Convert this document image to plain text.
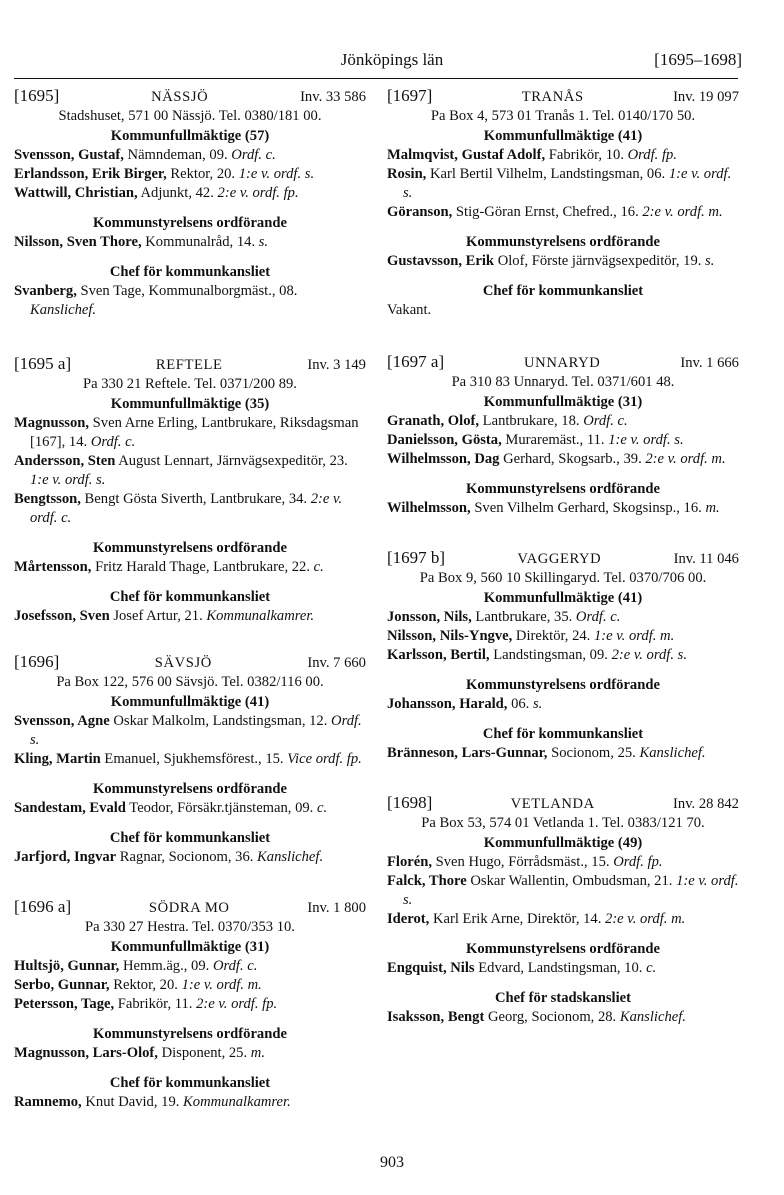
Jönköpings län	[1695–1698]
[1695]	NÄSSJÖ	Inv. 33 586
Stadshuset, 571 00 Nässjö. Tel. 0380/181 00.
Kommunfullmäktige (57)
Svensson, Gustaf, Nämndeman, 09. Ordf. c.
Erlandsson, Erik Birger, Rektor, 20. 1:e v. ordf. s.
Wattwill, Christian, Adjunkt, 42. 2:e v. ordf. fp.
Kommunstyrelsens ordförande
Nilsson, Sven Thore, Kommunalråd, 14. s.
Chef för kommunkansliet
Svanberg, Sven Tage, Kommunalborgmäst., 08. Kanslichef.
[1695 a]	REFTELE	Inv. 3 149
Pa 330 21 Reftele. Tel. 0371/200 89.
Kommunfullmäktige (35)
Magnusson, Sven Arne Erling, Lantbrukare, Riksdagsman [167], 14. Ordf. c.
Andersson, Sten August Lennart, Järnvägsexpeditör, 23. 1:e v. ordf. s.
Bengtsson, Bengt Gösta Siverth, Lantbrukare, 34. 2:e v. ordf. c.
Kommunstyrelsens ordförande
Mårtensson, Fritz Harald Thage, Lantbrukare, 22. c.
Chef för kommunkansliet
Josefsson, Sven Josef Artur, 21. Kommunalkamrer.
[1696]	SÄVSJÖ	Inv. 7 660
Pa Box 122, 576 00 Sävsjö. Tel. 0382/116 00.
Kommunfullmäktige (41)
Svensson, Agne Oskar Malkolm, Landstingsman, 12. Ordf. s.
Kling, Martin Emanuel, Sjukhemsförest., 15. Vice ordf. fp.
Kommunstyrelsens ordförande
Sandestam, Evald Teodor, Försäkr.tjänsteman, 09. c.
Chef för kommunkansliet
Jarfjord, Ingvar Ragnar, Socionom, 36. Kanslichef.
[1696 a]	SÖDRA MO	Inv. 1 800
Pa 330 27 Hestra. Tel. 0370/353 10.
Kommunfullmäktige (31)
Hultsjö, Gunnar, Hemm.äg., 09. Ordf. c.
Serbo, Gunnar, Rektor, 20. 1:e v. ordf. m.
Petersson, Tage, Fabrikör, 11. 2:e v. ordf. fp.
Kommunstyrelsens ordförande
Magnusson, Lars-Olof, Disponent, 25. m.
Chef för kommunkansliet
Ramnemo, Knut David, 19. Kommunalkamrer.
[1697]	TRANÅS	Inv. 19 097
Pa Box 4, 573 01 Tranås 1. Tel. 0140/170 50.
Kommunfullmäktige (41)
Malmqvist, Gustaf Adolf, Fabrikör, 10. Ordf. fp.
Rosin, Karl Bertil Vilhelm, Landstingsman, 06. 1:e v. ordf. s.
Göranson, Stig-Göran Ernst, Chefred., 16. 2:e v. ordf. m.
Kommunstyrelsens ordförande
Gustavsson, Erik Olof, Förste järnvägsexpeditör, 19. s.
Chef för kommunkansliet
Vakant.
[1697 a]	UNNARYD	Inv. 1 666
Pa 310 83 Unnaryd. Tel. 0371/601 48.
Kommunfullmäktige (31)
Granath, Olof, Lantbrukare, 18. Ordf. c.
Danielsson, Gösta, Muraremäst., 11. 1:e v. ordf. s.
Wilhelmsson, Dag Gerhard, Skogsarb., 39. 2:e v. ordf. m.
Kommunstyrelsens ordförande
Wilhelmsson, Sven Vilhelm Gerhard, Skogsinsp., 16. m.
[1697 b]	VAGGERYD	Inv. 11 046
Pa Box 9, 560 10 Skillingaryd. Tel. 0370/706 00.
Kommunfullmäktige (41)
Jonsson, Nils, Lantbrukare, 35. Ordf. c.
Nilsson, Nils-Yngve, Direktör, 24. 1:e v. ordf. m.
Karlsson, Bertil, Landstingsman, 09. 2:e v. ordf. s.
Kommunstyrelsens ordförande
Johansson, Harald, 06. s.
Chef för kommunkansliet
Bränneson, Lars-Gunnar, Socionom, 25. Kanslichef.
[1698]	VETLANDA	Inv. 28 842
Pa Box 53, 574 01 Vetlanda 1. Tel. 0383/121 70.
Kommunfullmäktige (49)
Florén, Sven Hugo, Förrådsmäst., 15. Ordf. fp.
Falck, Thore Oskar Wallentin, Ombudsman, 21. 1:e v. ordf. s.
Iderot, Karl Erik Arne, Direktör, 14. 2:e v. ordf. m.
Kommunstyrelsens ordförande
Engquist, Nils Edvard, Landstingsman, 10. c.
Chef för stadskansliet
Isaksson, Bengt Georg, Socionom, 28. Kanslichef.
903
